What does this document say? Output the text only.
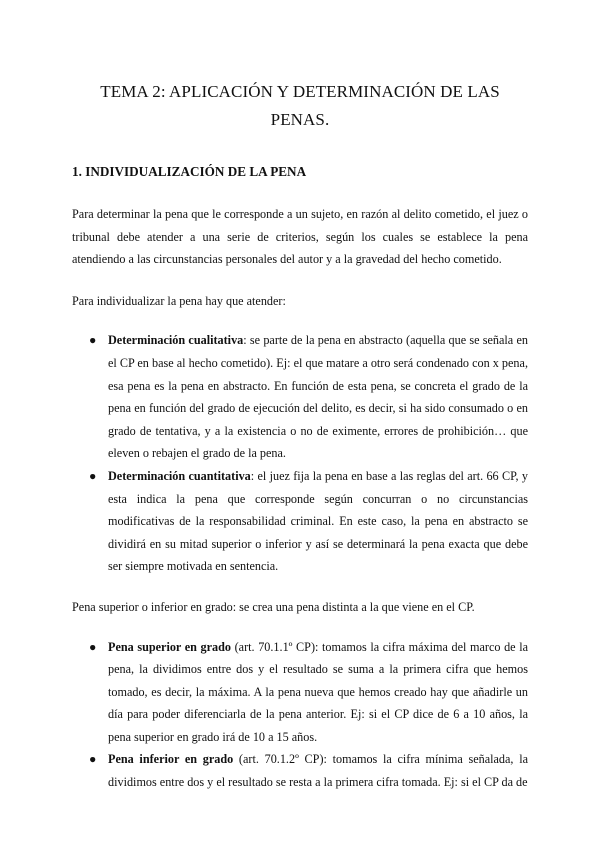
TEMA 2: APLICACIÓN Y DETERMINACIÓN DE LAS PENAS.
1. INDIVIDUALIZACIÓN DE LA PENA

Para determinar la pena que le corresponde a un sujeto, en razón al delito cometido, el juez o tribunal debe atender a una serie de criterios, según los cuales se establece la pena atendiendo a las circunstancias personales del autor y a la gravedad del hecho cometido.

Para individualizar la pena hay que atender:

● Determinación cualitativa: se parte de la pena en abstracto (aquella que se señala en el CP en base al hecho cometido). Ej: el que matare a otro será condenado con x pena, esa pena es la pena en abstracto. En función de esta pena, se concreta el grado de la pena en función del grado de ejecución del delito, es decir, si ha sido consumado o en grado de tentativa, y a la existencia o no de eximente, errores de prohibición… que eleven o rebajen el grado de la pena.
● Determinación cuantitativa: el juez fija la pena en base a las reglas del art. 66 CP, y esta indica la pena que corresponde según concurran o no circunstancias modificativas de la responsabilidad criminal. En este caso, la pena en abstracto se dividirá en su mitad superior o inferior y así se determinará la pena exacta que debe ser siempre motivada en sentencia.

Pena superior o inferior en grado: se crea una pena distinta a la que viene en el CP.

● Pena superior en grado (art. 70.1.1º CP): tomamos la cifra máxima del marco de la pena, la dividimos entre dos y el resultado se suma a la primera cifra que hemos tomado, es decir, la máxima. A la pena nueva que hemos creado hay que añadirle un día para poder diferenciarla de la pena anterior. Ej: si el CP dice de 6 a 10 años, la pena superior en grado irá de 10 a 15 años.
● Pena inferior en grado (art. 70.1.2º CP): tomamos la cifra mínima señalada, la dividimos entre dos y el resultado se resta a la primera cifra tomada. Ej: si el CP da de
